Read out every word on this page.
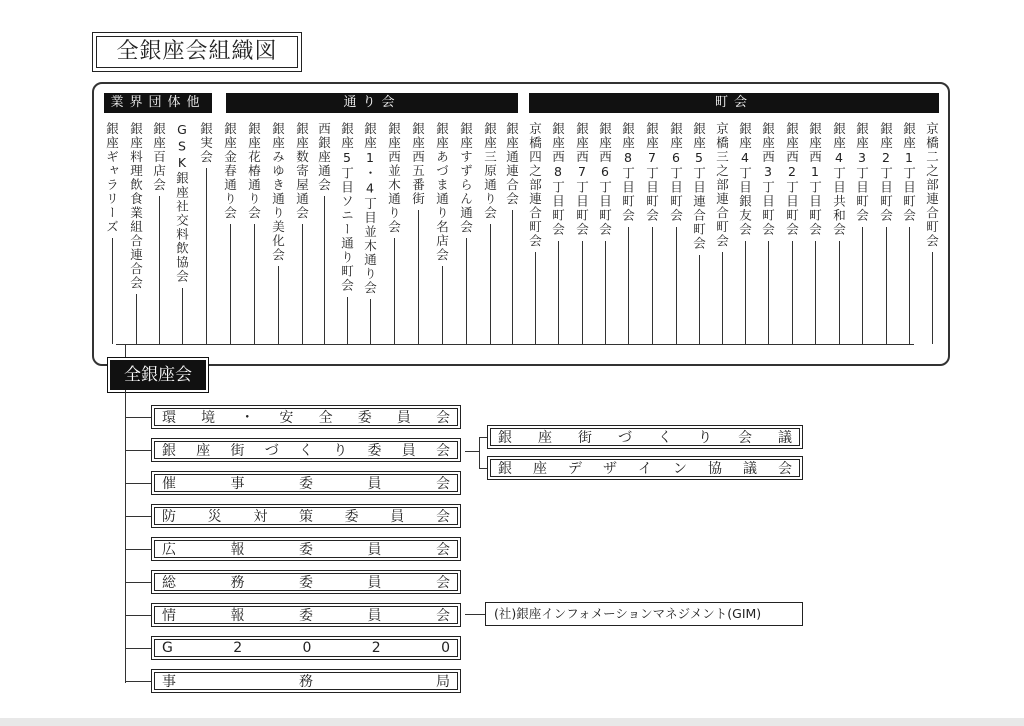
全銀座会組織図
業界団体他	通り会	町会
銀座ギャラリーズ 銀座料理飲食業組合連合会 銀座百店会 GSK銀座社交料飲協会 銀実会 銀座金春通り会 銀座花椿通り会 銀座みゆき通り美化会 銀座数寄屋通会 西銀座通会 銀座5丁目ソニー通り町会 銀座1・4丁目並木通り会 銀座西並木通り会 銀座西五番街 銀座あづま通り名店会 銀座すずらん通会 銀座三原通り会 銀座通連合会 京橋四之部連合町会 銀座西8丁目町会 銀座西7丁目町会 銀座西6丁目町会 銀座8丁目町会 銀座7丁目町会 銀座6丁目町会 銀座5丁目連合町会 京橋三之部連合町会 銀座4丁目銀友会 銀座西3丁目町会 銀座西2丁目町会 銀座西1丁目町会 銀座4丁目共和会 銀座3丁目町会 銀座2丁目町会 銀座1丁目町会 京橋二之部連合町会
全銀座会
環 境 ・ 安 全 委 員 会
銀 座 街 づ く り 委 員 会
催	事	委	員	会
防 災 対 策 委 員 会
広	報	委	員	会
総	務	委	員	会
情	報	委	員	会
G	2	0	2	0
事	務	局
銀 座 街 づ く り 会 議
銀 座 デ ザ イ ン 協 議 会
(社)銀座インフォメーションマネジメント(GIM)
